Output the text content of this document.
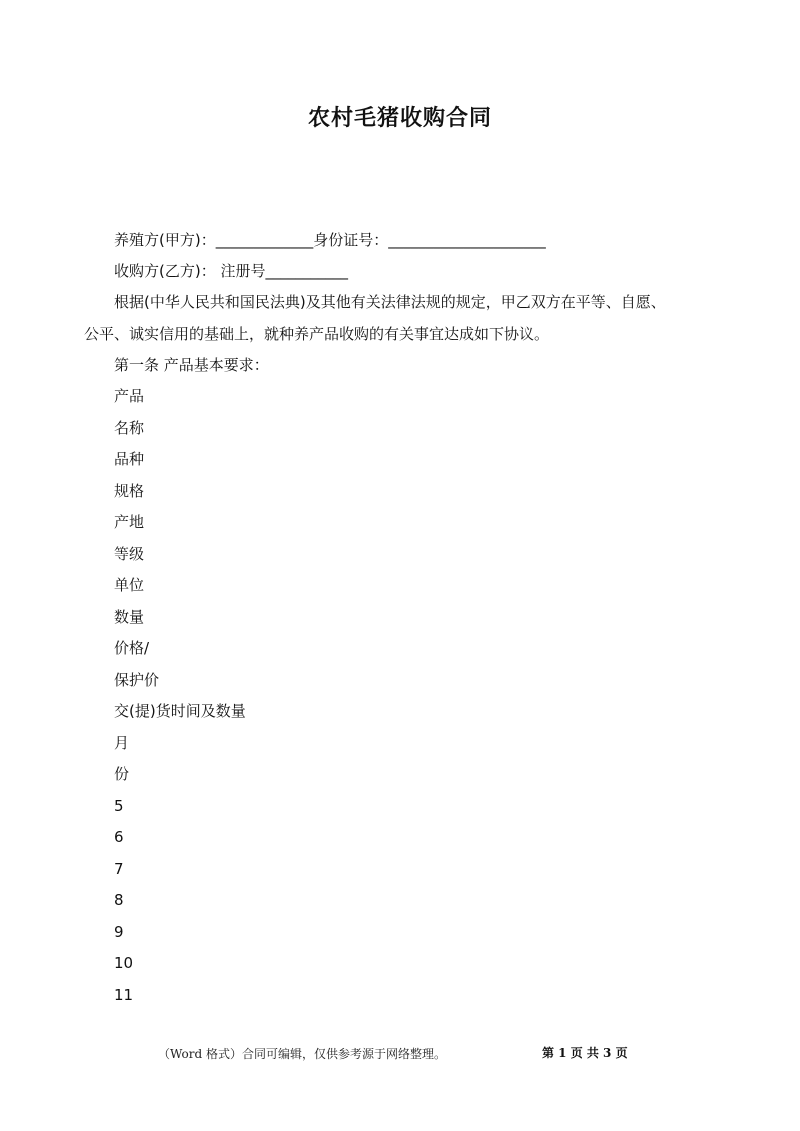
农村毛猪收购合同
养殖方(甲方)：_____________身份证号：_____________________
收购方(乙方)： 注册号___________
根据(中华人民共和国民法典)及其他有关法律法规的规定，甲乙双方在平等、自愿、
公平、诚实信用的基础上，就种养产品收购的有关事宜达成如下协议。
第一条 产品基本要求：
产品
名称
品种
规格
产地
等级
单位
数量
价格/
保护价
交(提)货时间及数量
月
份
5
6
7
8
9
10
11
（Word 格式）合同可编辑，仅供参考源于网络整理。	第 1 页 共 3 页
